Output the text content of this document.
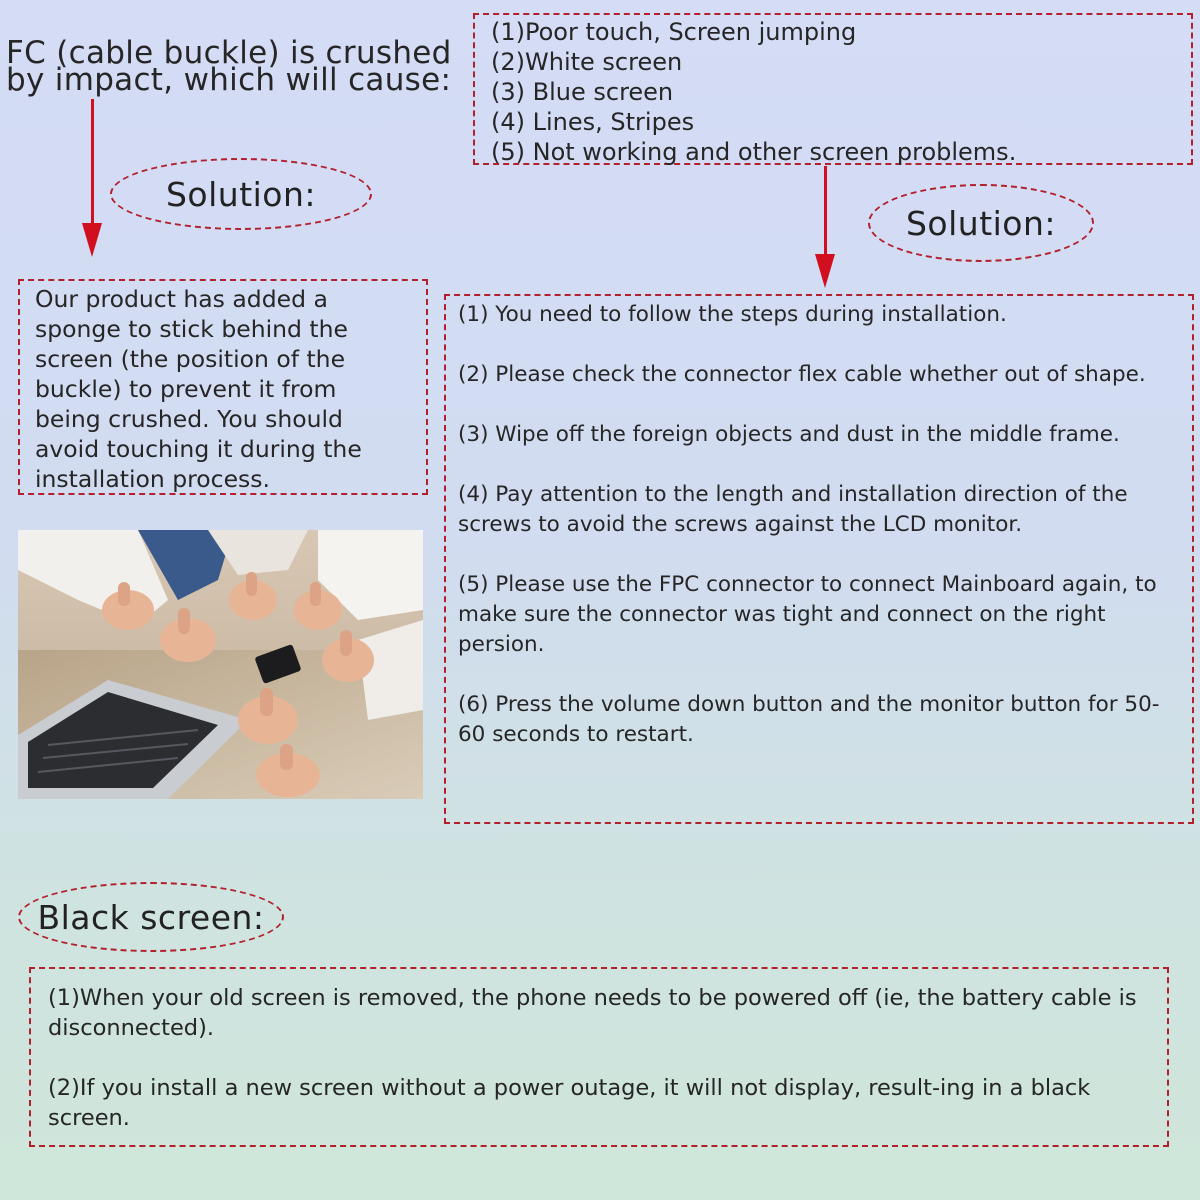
FC (cable buckle) is crushed
by impact, which will cause:
(1)Poor touch, Screen jumping
(2)White screen
(3) Blue screen
(4) Lines, Stripes
(5) Not working and other screen problems.
Solution:
Solution:
Our product has added a
sponge to stick behind the
screen (the position of the
buckle) to prevent it from
being crushed. You should
avoid touching it during the
installation process.

(1) You need to follow the steps during installation.

(2) Please check the connector flex cable whether out of shape.

(3) Wipe off the foreign objects and dust in the middle frame.

(4) Pay attention to the length and installation direction of the screws to avoid the screws against the LCD monitor.

(5) Please use the FPC connector to connect Mainboard again, to make sure the connector was tight and connect on the right persion.

(6) Press the volume down button and the monitor button for 50-60 seconds to restart.

Black screen:

(1)When your old screen is removed, the phone needs to be powered off (ie, the battery cable is disconnected).

(2)If you install a new screen without a power outage, it will not display, result-ing in a black screen.
